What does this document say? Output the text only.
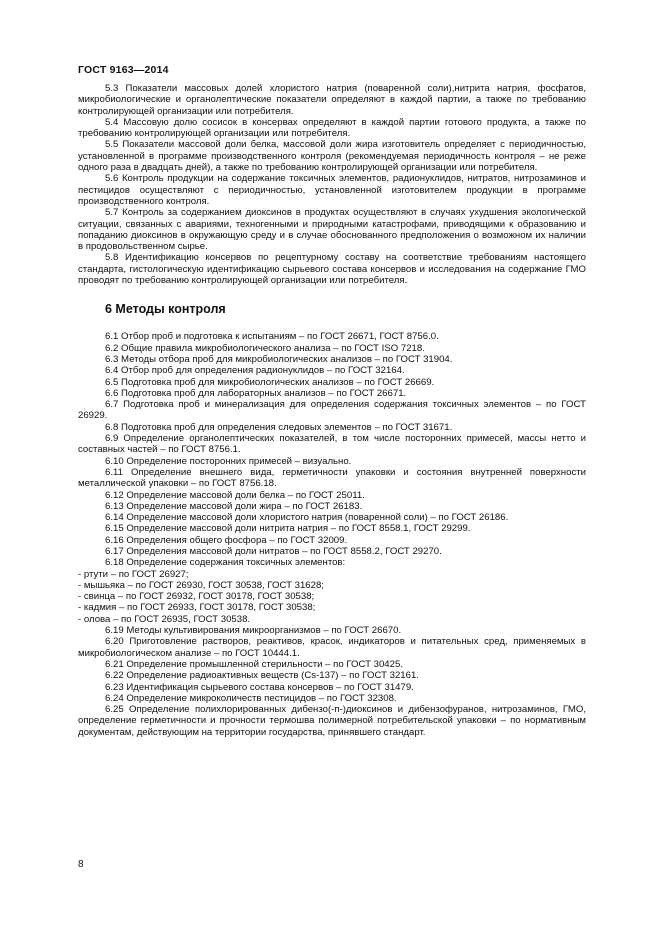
ГОСТ 9163—2014

5.3 Показатели массовых долей хлористого натрия (поваренной соли),нитрита натрия, фосфатов, микробиологические и органолептические показатели определяют в каждой партии, а также по требованию контролирующей организации или потребителя.

5.4 Массовую долю сосисок в консервах определяют в каждой партии готового продукта, а также по требованию контролирующей организации или потребителя.

5.5 Показатели массовой доли белка, массовой доли жира изготовитель определяет с периодичностью, установленной в программе производственного контроля (рекомендуемая периодичность контроля – не реже одного раза в двадцать дней), а также по требованию контролирующей организации или потребителя.

5.6 Контроль продукции на содержание токсичных элементов, радионуклидов, нитратов, нитрозаминов и пестицидов осуществляют с периодичностью, установленной изготовителем продукции в программе производственного контроля.

5.7 Контроль за содержанием диоксинов в продуктах осуществляют в случаях ухудшения экологической ситуации, связанных с авариями, техногенными и природными катастрофами, приводящими к образованию и попаданию диоксинов в окружающую среду и в случае обоснованного предположения о возможном их наличии в продовольственном сырье.

5.8 Идентификацию консервов по рецептурному составу на соответствие требованиям настоящего стандарта, гистологическую идентификацию сырьевого состава консервов и исследования на содержание ГМО проводят по требованию контролирующей организации или потребителя.

6 Методы контроля

6.1 Отбор проб и подготовка к испытаниям – по ГОСТ 26671, ГОСТ 8756.0.

6.2 Общие правила микробиологического анализа – по ГОСТ ISO 7218.

6.3 Методы отбора проб для микробиологических анализов – по ГОСТ 31904.

6.4 Отбор проб для определения радионуклидов – по ГОСТ 32164.

6.5 Подготовка проб для микробиологических анализов – по ГОСТ 26669.

6.6 Подготовка проб для лабораторных анализов – по ГОСТ 26671.

6.7 Подготовка проб и минерализация для определения содержания токсичных элементов – по ГОСТ 26929.

6.8 Подготовка проб для определения следовых элементов – по ГОСТ 31671.

6.9 Определение органолептических показателей, в том числе посторонних примесей, массы нетто и составных частей – по ГОСТ 8756.1.

6.10 Определение посторонних примесей – визуально.

6.11 Определение внешнего вида, герметичности упаковки и состояния внутренней поверхности металлической упаковки – по ГОСТ 8756.18.

6.12 Определение массовой доли белка – по ГОСТ 25011.

6.13 Определение массовой доли жира – по ГОСТ 26183.

6.14 Определение массовой доли хлористого натрия (поваренной соли) – по ГОСТ 26186.

6.15 Определение массовой доли нитрита натрия – по ГОСТ 8558.1, ГОСТ 29299.

6.16 Определения общего фосфора – по ГОСТ 32009.

6.17 Определения массовой доли нитратов – по ГОСТ 8558.2, ГОСТ 29270.

6.18 Определение содержания токсичных элементов:

- ртути – по ГОСТ 26927;

- мышьяка – по ГОСТ 26930, ГОСТ 30538, ГОСТ 31628;

- свинца – по ГОСТ 26932, ГОСТ 30178, ГОСТ 30538;

- кадмия – по ГОСТ 26933, ГОСТ 30178, ГОСТ 30538;

- олова – по ГОСТ 26935, ГОСТ 30538.

6.19 Методы культивирования микроорганизмов – по ГОСТ 26670.

6.20 Приготовление растворов, реактивов, красок, индикаторов и питательных сред, применяемых в микробиологическом анализе – по ГОСТ 10444.1.

6.21 Определение промышленной стерильности – по ГОСТ 30425.

6.22 Определение радиоактивных веществ (Cs-137) – по ГОСТ 32161.

6.23 Идентификация сырьевого состава консервов – по ГОСТ 31479.

6.24 Определение микроколичеств пестицидов – по ГОСТ 32308.

6.25 Определение полихлорированных дибензо(-п-)диоксинов и дибензофуранов, нитрозаминов, ГМО, определение герметичности и прочности термошва полимерной потребительской упаковки – по нормативным документам, действующим на территории государства, принявшего стандарт.

8
